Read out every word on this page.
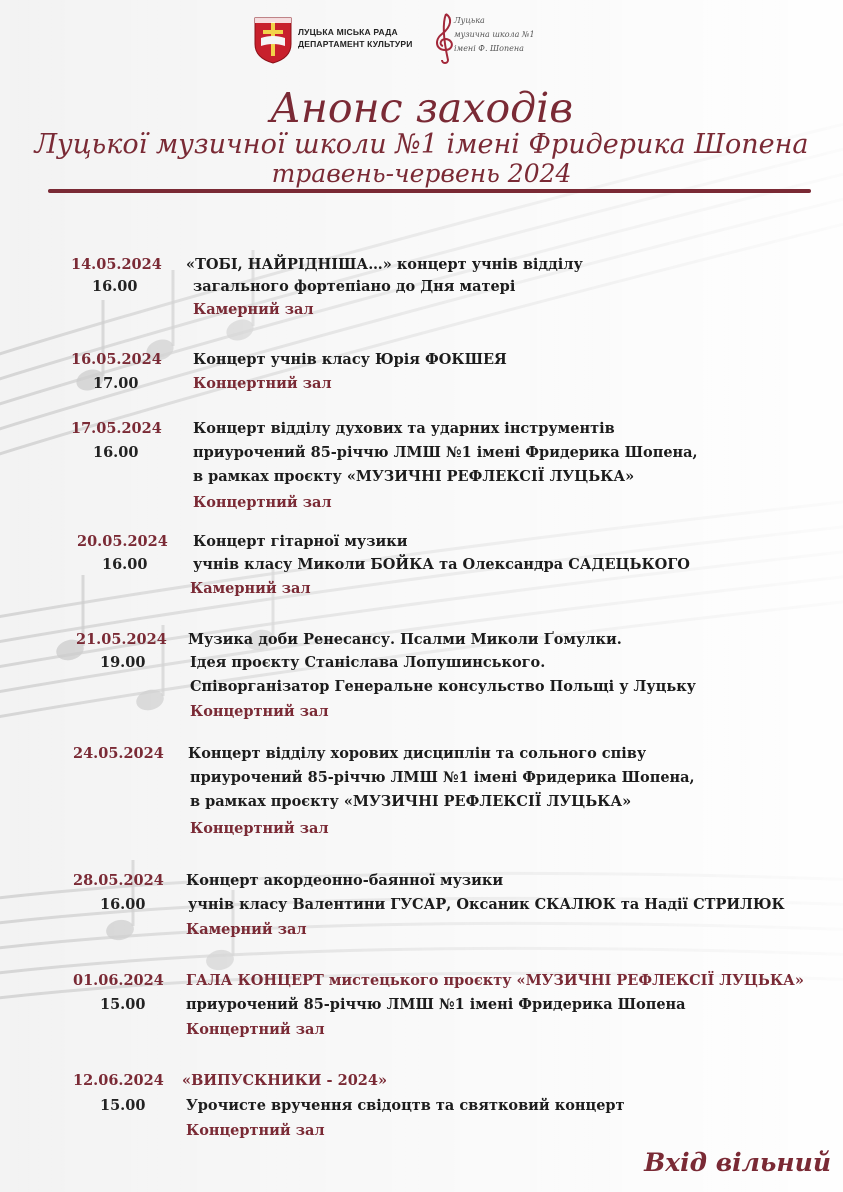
ЛУЦЬКА МІСЬКА РАДА
ДЕПАРТАМЕНТ КУЛЬТУРИ
Луцька
музична школа №1
імені Ф. Шопена
Анонс заходів
Луцької музичної школи №1 імені Фридерика Шопена
травень-червень 2024
14.05.2024
16.00
«ТОБІ, НАЙРІДНІША…» концерт учнів відділу
загального фортепіано до Дня матері
Камерний зал
16.05.2024
17.00
Концерт учнів класу Юрія ФОКШЕЯ
Концертний зал
17.05.2024
16.00
Концерт відділу духових та ударних інструментів
приурочений 85-річчю ЛМШ №1 імені Фридерика Шопена,
в рамках проєкту «МУЗИЧНІ РЕФЛЕКСІЇ ЛУЦЬКА»
Концертний зал
20.05.2024
16.00
Концерт гітарної музики
учнів класу Миколи БОЙКА та Олександра САДЕЦЬКОГО
Камерний зал
21.05.2024
19.00
Музика доби Ренесансу. Псалми Миколи Ґомулки.
Ідея проєкту Станіслава Лопушинського.
Співорганізатор Генеральне консульство Польщі у Луцьку
Концертний зал
24.05.2024 Концерт відділу хорових дисциплін та сольного співу
приурочений 85-річчю ЛМШ №1 імені Фридерика Шопена,
в рамках проєкту «МУЗИЧНІ РЕФЛЕКСІЇ ЛУЦЬКА»
Концертний зал
28.05.2024
16.00
Концерт акордеонно-баянної музики
учнів класу Валентини ГУСАР, Оксаник СКАЛЮК та Надії СТРИЛЮК
Камерний зал
01.06.2024
15.00
ГАЛА КОНЦЕРТ мистецького проєкту «МУЗИЧНІ РЕФЛЕКСІЇ ЛУЦЬКА»
приурочений 85-річчю ЛМШ №1 імені Фридерика Шопена
Концертний зал
12.06.2024
15.00
«ВИПУСКНИКИ - 2024»
Урочисте вручення свідоцтв та святковий концерт
Концертний зал
Вхід вільний
